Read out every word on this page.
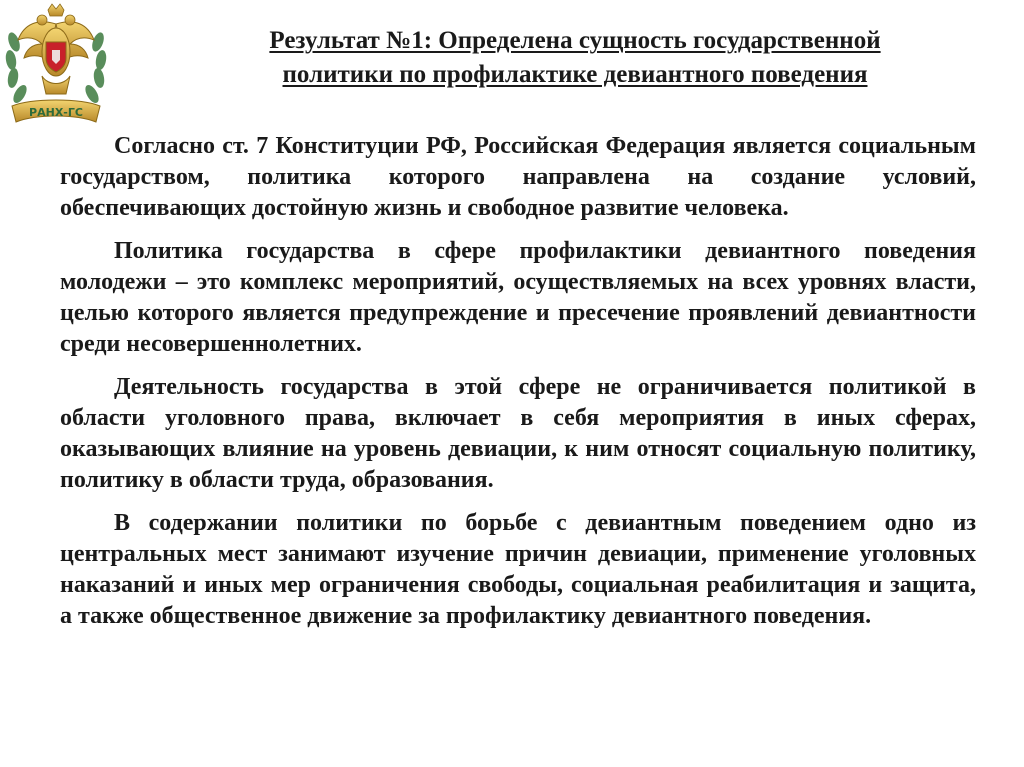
РАНХ-ГС
Результат №1: Определена сущность государственной
политики по профилактике девиантного поведения

Согласно ст. 7 Конституции РФ, Российская Федерация является социальным государством, политика которого направлена на создание условий, обеспечивающих достойную жизнь и свободное развитие человека.

Политика государства в сфере профилактики девиантного поведения молодежи – это комплекс мероприятий, осуществляемых на всех уровнях власти, целью которого является предупреждение и пресечение проявлений девиантности среди несовершеннолетних.

Деятельность государства в этой сфере не ограничивается политикой в области уголовного права, включает в себя мероприятия в иных сферах, оказывающих влияние на уровень девиации, к ним относят социальную политику, политику в области труда, образования.

В содержании политики по борьбе с девиантным поведением одно из центральных мест занимают изучение причин девиации, применение уголовных наказаний и иных мер ограничения свободы, социальная реабилитация и защита, а также общественное движение за профилактику девиантного поведения.
